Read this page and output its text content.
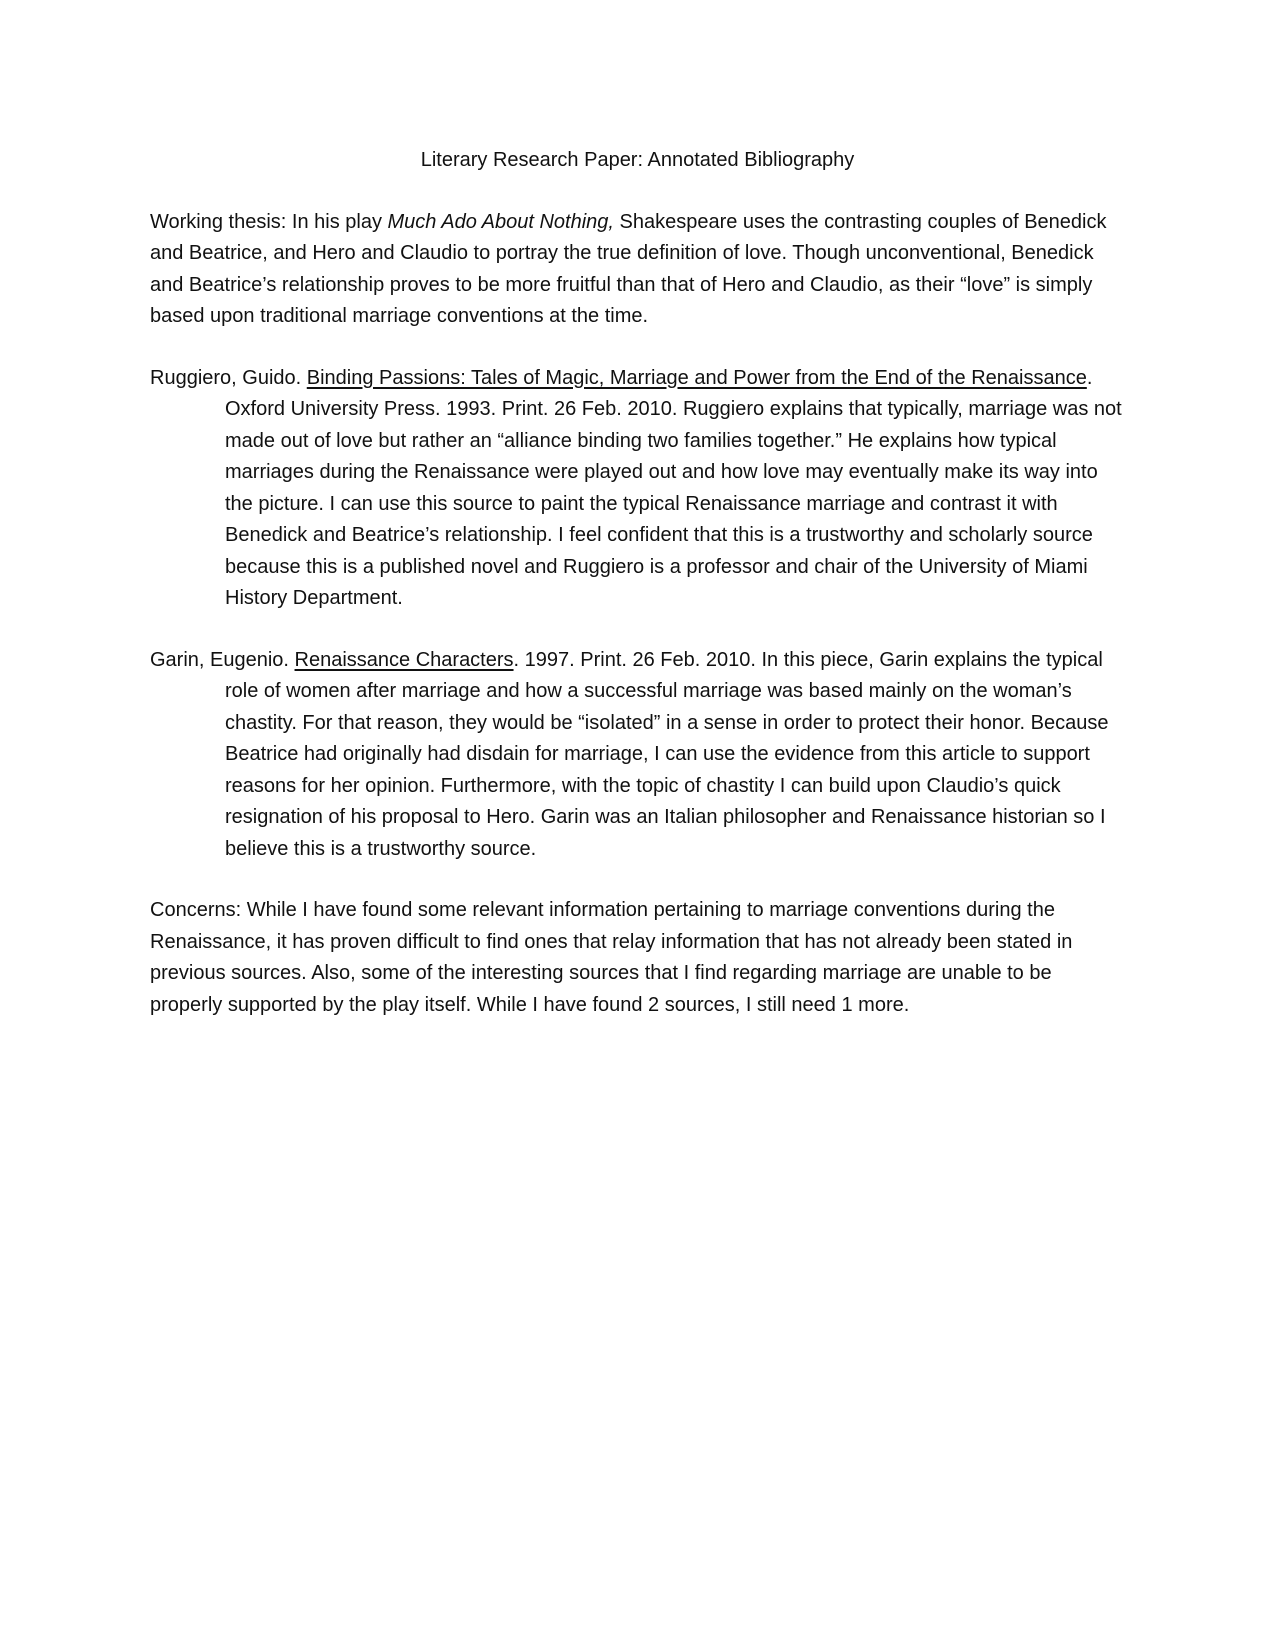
Literary Research Paper: Annotated Bibliography
Working thesis: In his play Much Ado About Nothing, Shakespeare uses the contrasting couples of Benedick and Beatrice, and Hero and Claudio to portray the true definition of love. Though unconventional, Benedick and Beatrice’s relationship proves to be more fruitful than that of Hero and Claudio, as their “love” is simply based upon traditional marriage conventions at the time.
Ruggiero, Guido. Binding Passions: Tales of Magic, Marriage and Power from the End of the Renaissance. Oxford University Press. 1993. Print. 26 Feb. 2010. Ruggiero explains that typically, marriage was not made out of love but rather an “alliance binding two families together.” He explains how typical marriages during the Renaissance were played out and how love may eventually make its way into the picture. I can use this source to paint the typical Renaissance marriage and contrast it with Benedick and Beatrice’s relationship. I feel confident that this is a trustworthy and scholarly source because this is a published novel and Ruggiero is a professor and chair of the University of Miami History Department.
Garin, Eugenio. Renaissance Characters. 1997. Print. 26 Feb. 2010. In this piece, Garin explains the typical role of women after marriage and how a successful marriage was based mainly on the woman’s chastity. For that reason, they would be “isolated” in a sense in order to protect their honor. Because Beatrice had originally had disdain for marriage, I can use the evidence from this article to support reasons for her opinion. Furthermore, with the topic of chastity I can build upon Claudio’s quick resignation of his proposal to Hero. Garin was an Italian philosopher and Renaissance historian so I believe this is a trustworthy source.
Concerns: While I have found some relevant information pertaining to marriage conventions during the Renaissance, it has proven difficult to find ones that relay information that has not already been stated in previous sources. Also, some of the interesting sources that I find regarding marriage are unable to be properly supported by the play itself. While I have found 2 sources, I still need 1 more.
